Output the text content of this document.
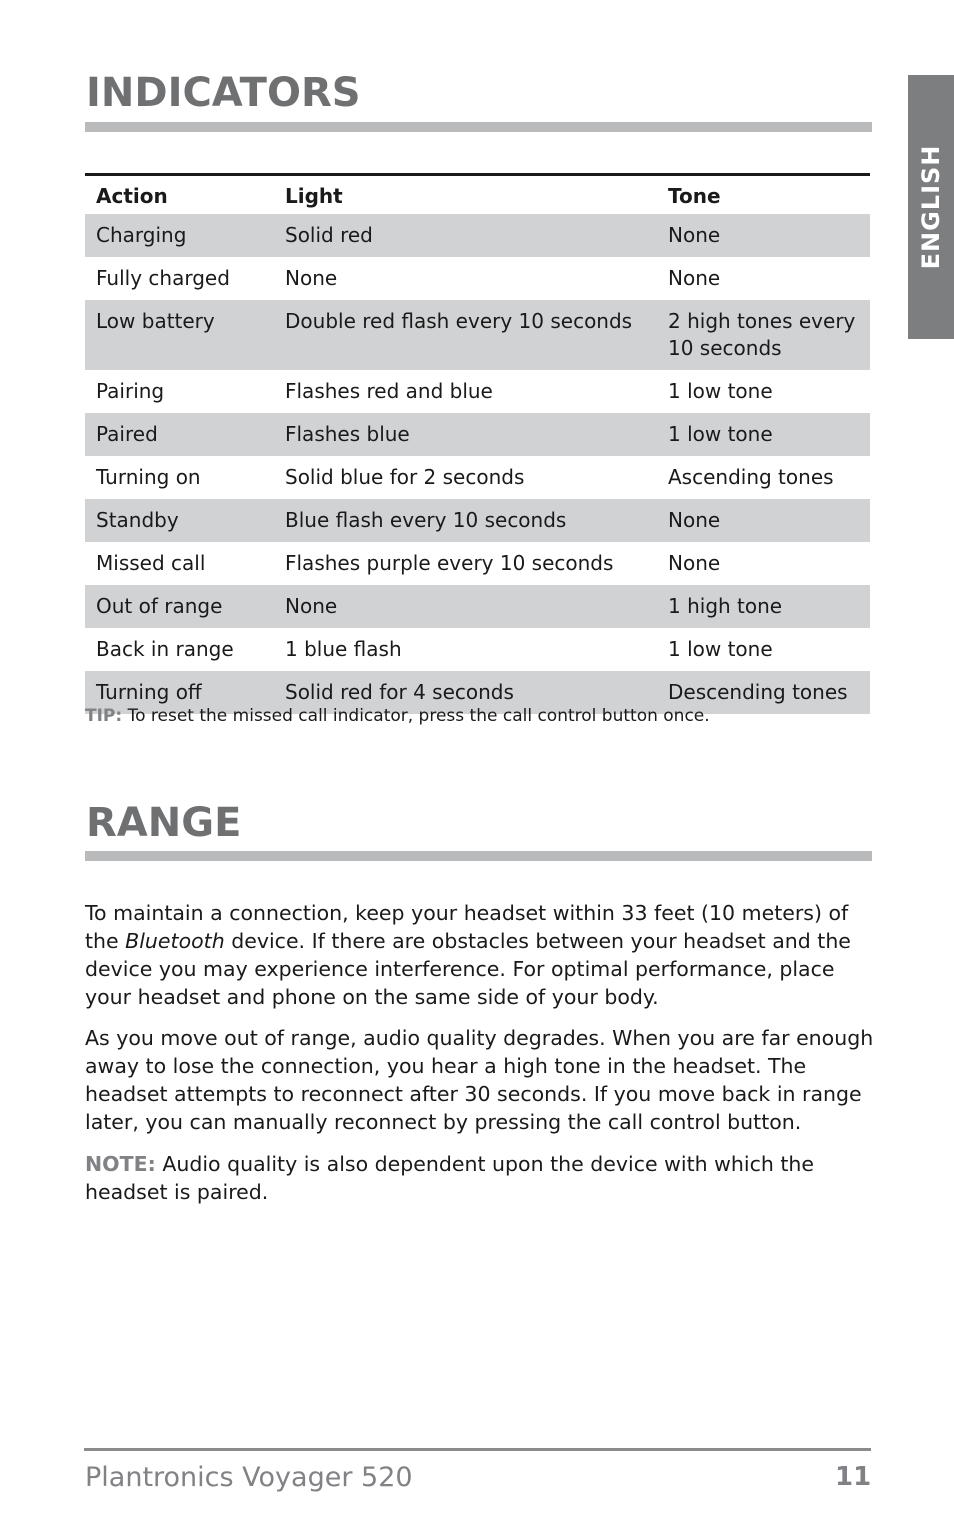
ENGLISH
INDICATORS
Action	Light	Tone
Charging	Solid red	None
Fully charged	None	None
Low battery	Double red flash every 10 seconds	2 high tones every 10 seconds
Pairing	Flashes red and blue	1 low tone
Paired	Flashes blue	1 low tone
Turning on	Solid blue for 2 seconds	Ascending tones
Standby	Blue flash every 10 seconds	None
Missed call	Flashes purple every 10 seconds	None
Out of range	None	1 high tone
Back in range	1 blue flash	1 low tone
Turning off	Solid red for 4 seconds	Descending tones
TIP: To reset the missed call indicator, press the call control button once.
RANGE

To maintain a connection, keep your headset within 33 feet (10 meters) of the Bluetooth device. If there are obstacles between your headset and the device you may experience interference. For optimal performance, place your headset and phone on the same side of your body.

As you move out of range, audio quality degrades. When you are far enough away to lose the connection, you hear a high tone in the headset. The headset attempts to reconnect after 30 seconds. If you move back in range later, you can manually reconnect by pressing the call control button.

NOTE: Audio quality is also dependent upon the device with which the headset is paired.

Plantronics Voyager 520	11
